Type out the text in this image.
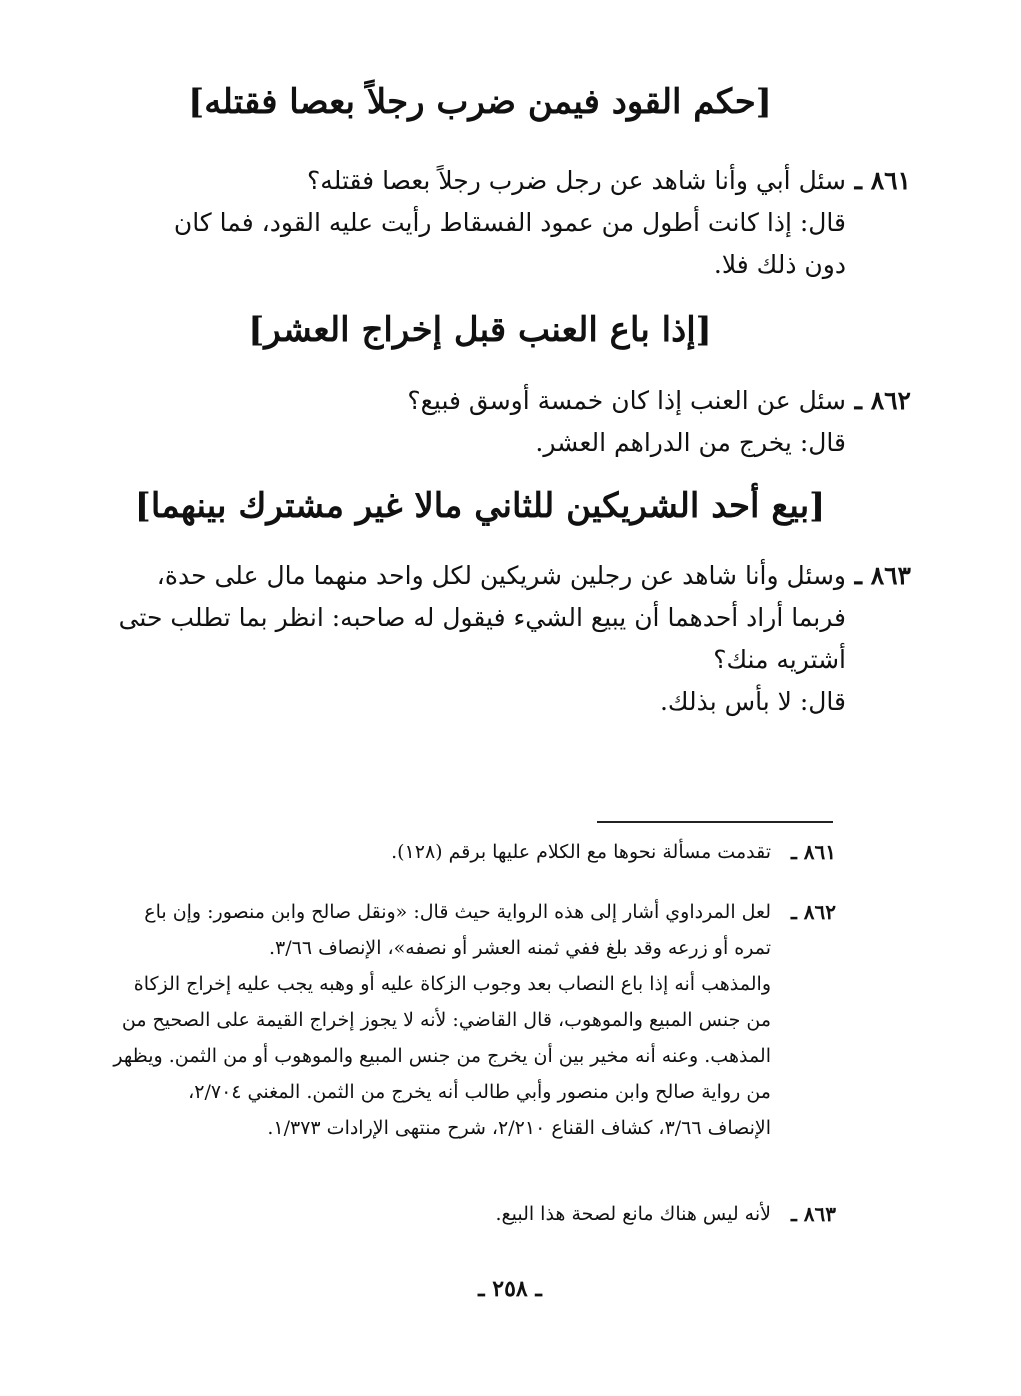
[حكم القود فيمن ضرب رجلاً بعصا فقتله]
٨٦١ ـ
سئل أبي وأنا شاهد عن رجل ضرب رجلاً بعصا فقتله؟
قال: إذا كانت أطول من عمود الفسقاط رأيت عليه القود، فما كان
دون ذلك فلا.
[إذا باع العنب قبل إخراج العشر]
٨٦٢ ـ
سئل عن العنب إذا كان خمسة أوسق فبيع؟
قال: يخرج من الدراهم العشر.
[بيع أحد الشريكين للثاني مالا غير مشترك بينهما]
٨٦٣ ـ
وسئل وأنا شاهد عن رجلين شريكين لكل واحد منهما مال على حدة،
فربما أراد أحدهما أن يبيع الشيء فيقول له صاحبه: انظر بما تطلب حتى
أشتريه منك؟
قال: لا بأس بذلك.
٨٦١ ـ
تقدمت مسألة نحوها مع الكلام عليها برقم (١٢٨).
٨٦٢ ـ
لعل المرداوي أشار إلى هذه الرواية حيث قال: «ونقل صالح وابن منصور: وإن باع
تمره أو زرعه وقد بلغ ففي ثمنه العشر أو نصفه»، الإنصاف ٣/٦٦.
والمذهب أنه إذا باع النصاب بعد وجوب الزكاة عليه أو وهبه يجب عليه إخراج الزكاة
من جنس المبيع والموهوب، قال القاضي: لأنه لا يجوز إخراج القيمة على الصحيح من
المذهب. وعنه أنه مخير بين أن يخرج من جنس المبيع والموهوب أو من الثمن. ويظهر
من رواية صالح وابن منصور وأبي طالب أنه يخرج من الثمن. المغني ٢/٧٠٤،
الإنصاف ٣/٦٦، كشاف القناع ٢/٢١٠، شرح منتهى الإرادات ١/٣٧٣.
٨٦٣ ـ
لأنه ليس هناك مانع لصحة هذا البيع.
ـ ٢٥٨ ـ
